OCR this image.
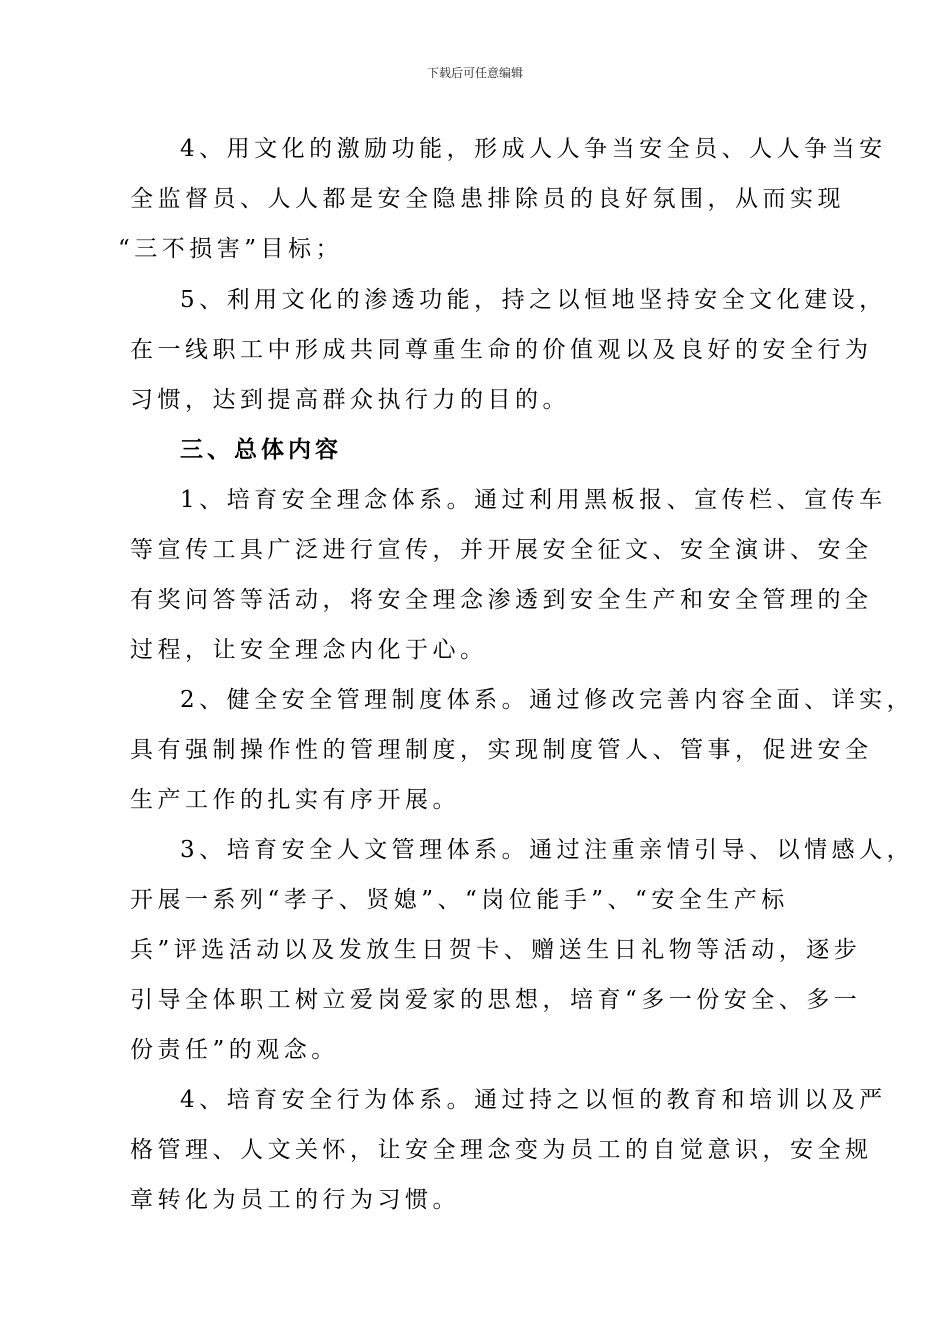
下载后可任意编辑
4、用文化的激励功能，形成人人争当安全员、人人争当安
全监督员、人人都是安全隐患排除员的良好氛围，从而实现
“三不损害”目标；
5、利用文化的渗透功能，持之以恒地坚持安全文化建设，
在一线职工中形成共同尊重生命的价值观以及良好的安全行为
习惯，达到提高群众执行力的目的。
三、总体内容
1、培育安全理念体系。通过利用黑板报、宣传栏、宣传车
等宣传工具广泛进行宣传，并开展安全征文、安全演讲、安全
有奖问答等活动，将安全理念渗透到安全生产和安全管理的全
过程，让安全理念内化于心。
2、健全安全管理制度体系。通过修改完善内容全面、详实，
具有强制操作性的管理制度，实现制度管人、管事，促进安全
生产工作的扎实有序开展。
3、培育安全人文管理体系。通过注重亲情引导、以情感人，
开展一系列“孝子、贤媳”、“岗位能手”、“安全生产标
兵”评选活动以及发放生日贺卡、赠送生日礼物等活动，逐步
引导全体职工树立爱岗爱家的思想，培育“多一份安全、多一
份责任”的观念。
4、培育安全行为体系。通过持之以恒的教育和培训以及严
格管理、人文关怀，让安全理念变为员工的自觉意识，安全规
章转化为员工的行为习惯。
